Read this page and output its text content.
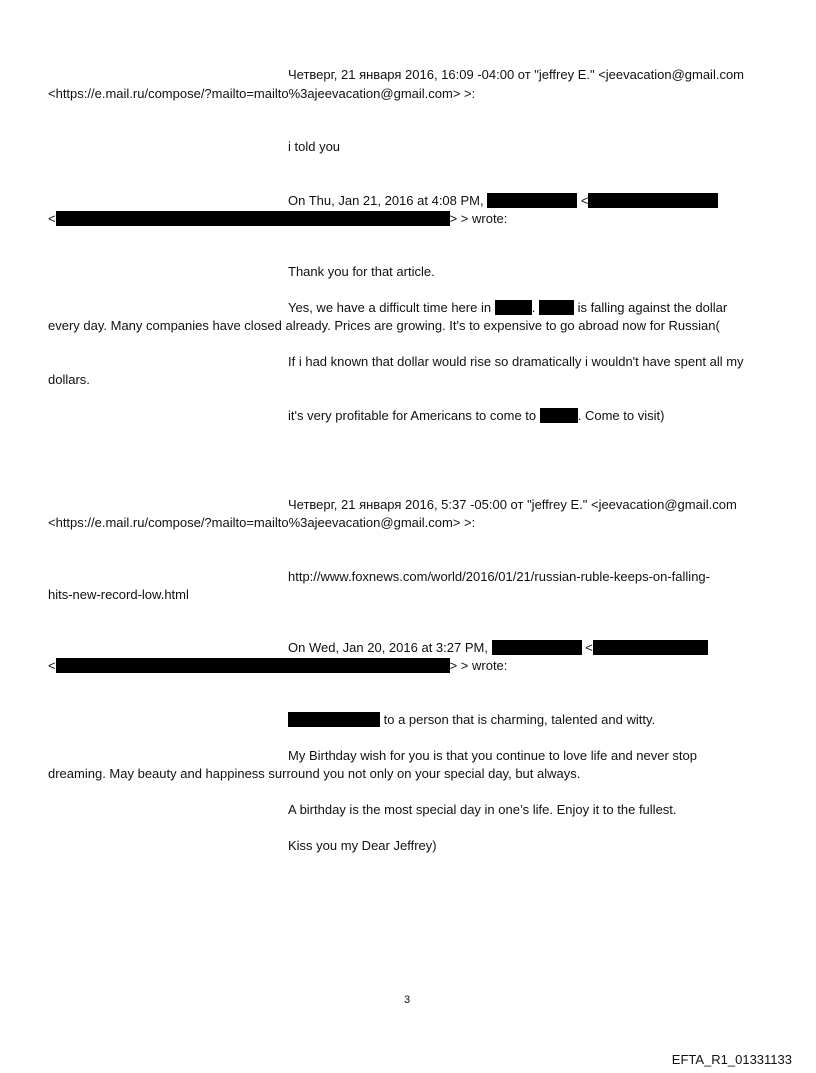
Четверг, 21 января 2016, 16:09 -04:00 от "jeffrey E." <jeevacation@gmail.com
<https://e.mail.ru/compose/?mailto=mailto%3ajeevacation@gmail.com> >:
i told you
On Thu, Jan 21, 2016 at 4:08 PM,	<
<	> > wrote:
Thank you for that article.
Yes, we have a difficult time here in	.	is falling against the dollar
every day. Many companies have closed already. Prices are growing. It's to expensive to go abroad now for Russian(
If i had known that dollar would rise so dramatically i wouldn't have spent all my
dollars.
it's very profitable for Americans to come to	. Come to visit)
Четверг, 21 января 2016, 5:37 -05:00 от "jeffrey E." <jeevacation@gmail.com
<https://e.mail.ru/compose/?mailto=mailto%3ajeevacation@gmail.com> >:
http://www.foxnews.com/world/2016/01/21/russian-ruble-keeps-on-falling-
hits-new-record-low.html
On Wed, Jan 20, 2016 at 3:27 PM,	<
<	> > wrote:
to a person that is charming, talented and witty.
My Birthday wish for you is that you continue to love life and never stop
dreaming. May beauty and happiness surround you not only on your special day, but always.
A birthday is the most special day in one’s life. Enjoy it to the fullest.
Kiss you my Dear Jeffrey)
3
EFTA_R1_01331133
